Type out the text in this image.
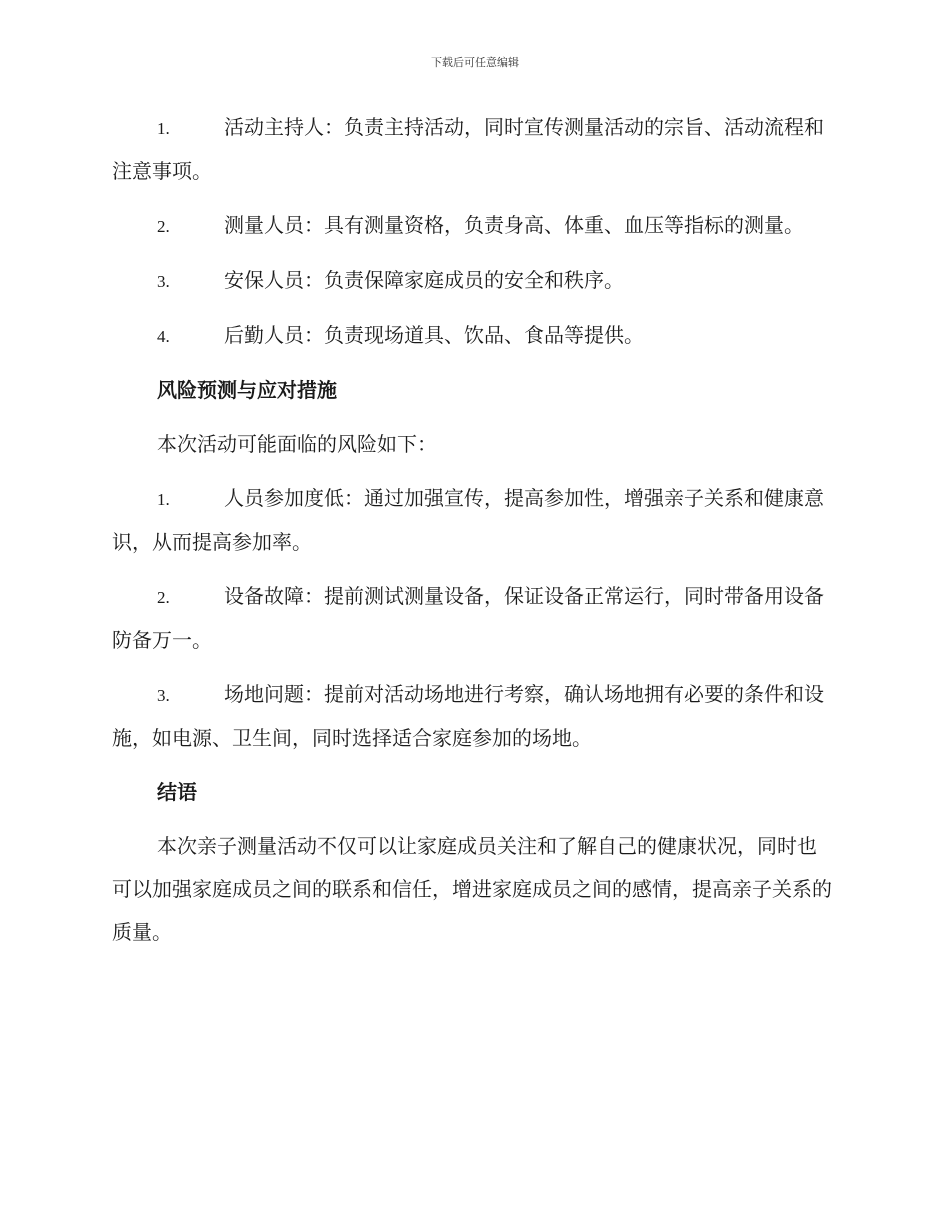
下载后可任意编辑
1.	活动主持人：负责主持活动，同时宣传测量活动的宗旨、活动流程和注意事项。
2.	测量人员：具有测量资格，负责身高、体重、血压等指标的测量。
3.	安保人员：负责保障家庭成员的安全和秩序。
4.	后勤人员：负责现场道具、饮品、食品等提供。
风险预测与应对措施
本次活动可能面临的风险如下：
1.	人员参加度低：通过加强宣传，提高参加性，增强亲子关系和健康意识，从而提高参加率。
2.	设备故障：提前测试测量设备，保证设备正常运行，同时带备用设备防备万一。
3.	场地问题：提前对活动场地进行考察，确认场地拥有必要的条件和设施，如电源、卫生间，同时选择适合家庭参加的场地。
结语
本次亲子测量活动不仅可以让家庭成员关注和了解自己的健康状况，同时也可以加强家庭成员之间的联系和信任，增进家庭成员之间的感情，提高亲子关系的质量。
